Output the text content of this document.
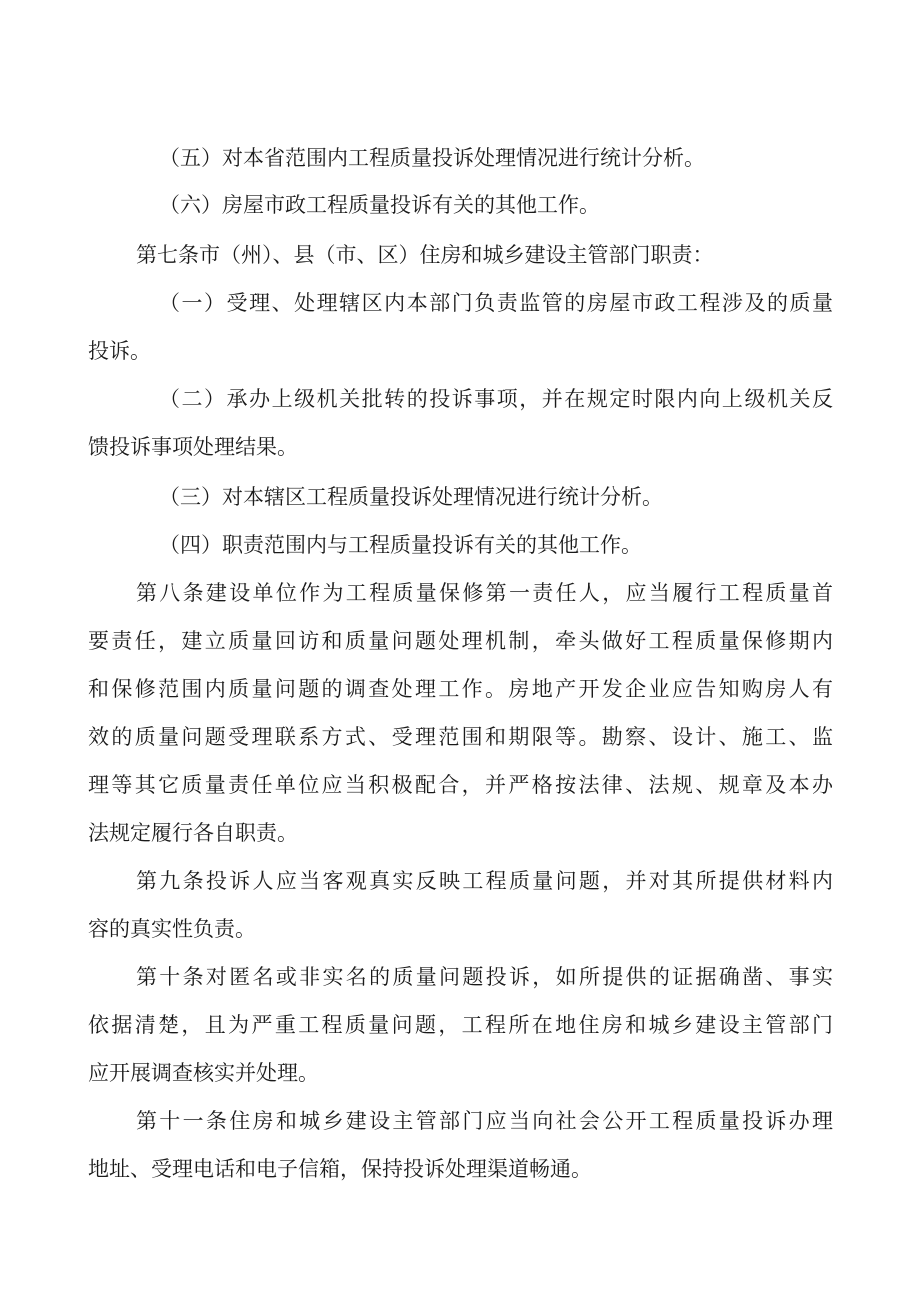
（五）对本省范围内工程质量投诉处理情况进行统计分析。
（六）房屋市政工程质量投诉有关的其他工作。
第七条市（州）、县（市、区）住房和城乡建设主管部门职责：
（一）受理、处理辖区内本部门负责监管的房屋市政工程涉及的质量
投诉。
（二）承办上级机关批转的投诉事项，并在规定时限内向上级机关反
馈投诉事项处理结果。
（三）对本辖区工程质量投诉处理情况进行统计分析。
（四）职责范围内与工程质量投诉有关的其他工作。
第八条建设单位作为工程质量保修第一责任人，应当履行工程质量首
要责任，建立质量回访和质量问题处理机制，牵头做好工程质量保修期内
和保修范围内质量问题的调查处理工作。房地产开发企业应告知购房人有
效的质量问题受理联系方式、受理范围和期限等。勘察、设计、施工、监
理等其它质量责任单位应当积极配合，并严格按法律、法规、规章及本办
法规定履行各自职责。
第九条投诉人应当客观真实反映工程质量问题，并对其所提供材料内
容的真实性负责。
第十条对匿名或非实名的质量问题投诉，如所提供的证据确凿、事实
依据清楚，且为严重工程质量问题，工程所在地住房和城乡建设主管部门
应开展调查核实并处理。
第十一条住房和城乡建设主管部门应当向社会公开工程质量投诉办理
地址、受理电话和电子信箱，保持投诉处理渠道畅通。
